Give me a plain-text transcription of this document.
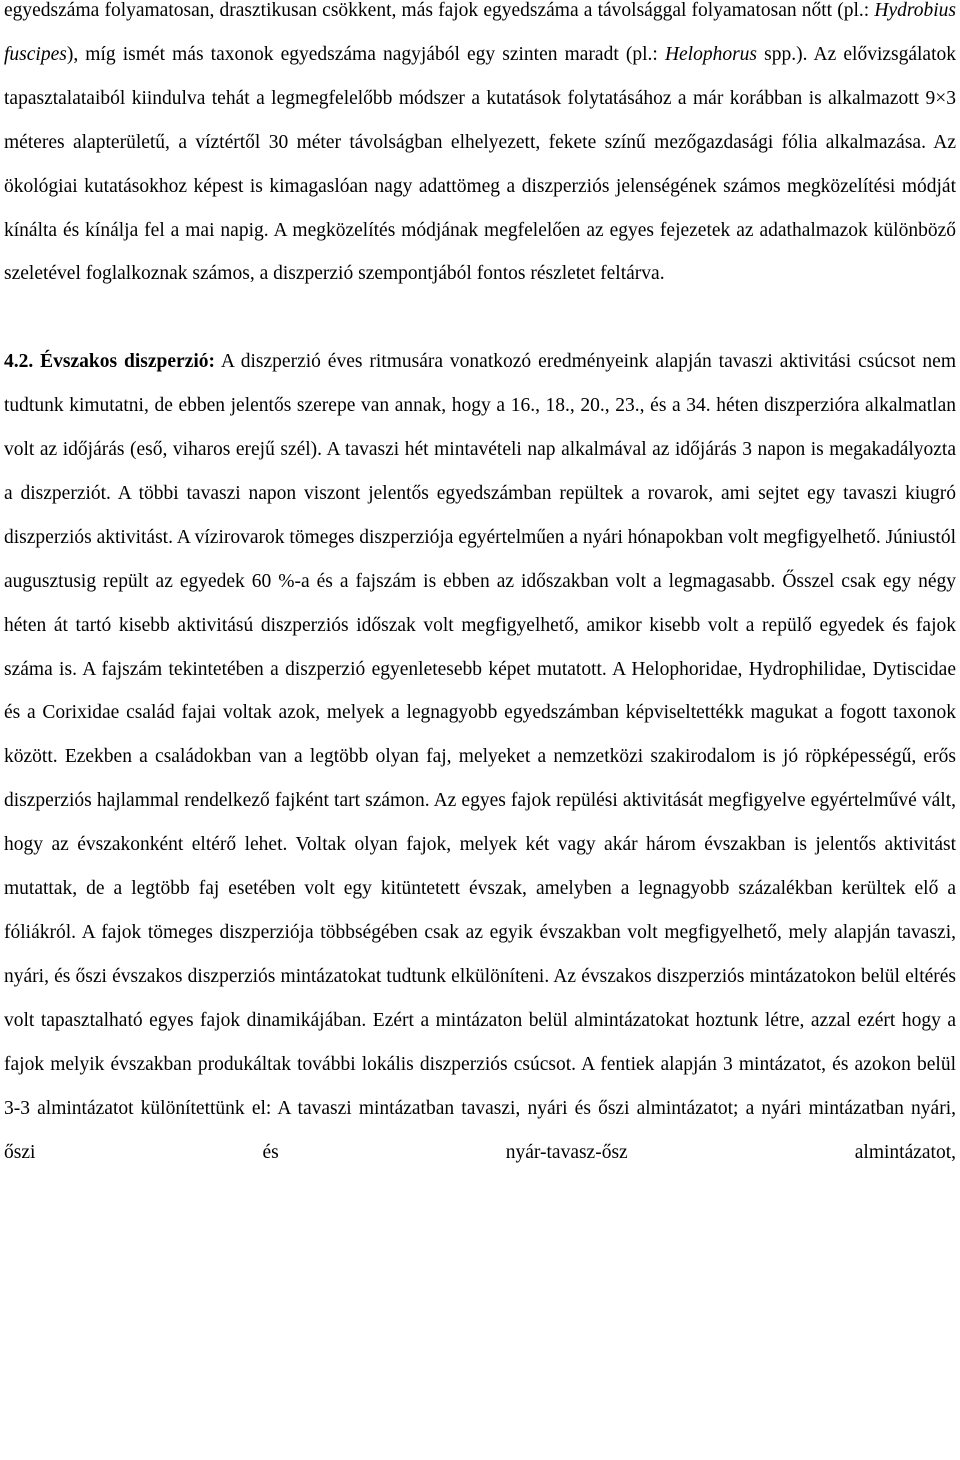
egyedszáma folyamatosan, drasztikusan csökkent, más fajok egyedszáma a távolsággal folyamatosan nőtt (pl.: Hydrobius fuscipes), míg ismét más taxonok egyedszáma nagyjából egy szinten maradt (pl.: Helophorus spp.). Az elővizsgálatok tapasztalataiból kiindulva tehát a legmegfelelőbb módszer a kutatások folytatásához a már korábban is alkalmazott 9×3 méteres alapterületű, a víztértől 30 méter távolságban elhelyezett, fekete színű mezőgazdasági fólia alkalmazása. Az ökológiai kutatásokhoz képest is kimagaslóan nagy adattömeg a diszperziós jelenségének számos megközelítési módját kínálta és kínálja fel a mai napig. A megközelítés módjának megfelelően az egyes fejezetek az adathalmazok különböző szeletével foglalkoznak számos, a diszperzió szempontjából fontos részletet feltárva.

4.2. Évszakos diszperzió: A diszperzió éves ritmusára vonatkozó eredményeink alapján tavaszi aktivitási csúcsot nem tudtunk kimutatni, de ebben jelentős szerepe van annak, hogy a 16., 18., 20., 23., és a 34. héten diszperzióra alkalmatlan volt az időjárás (eső, viharos erejű szél). A tavaszi hét mintavételi nap alkalmával az időjárás 3 napon is megakadályozta a diszperziót. A többi tavaszi napon viszont jelentős egyedszámban repültek a rovarok, ami sejtet egy tavaszi kiugró diszperziós aktivitást. A vízirovarok tömeges diszperziója egyértelműen a nyári hónapokban volt megfigyelhető. Júniustól augusztusig repült az egyedek 60 %-a és a fajszám is ebben az időszakban volt a legmagasabb. Ősszel csak egy négy héten át tartó kisebb aktivitású diszperziós időszak volt megfigyelhető, amikor kisebb volt a repülő egyedek és fajok száma is. A fajszám tekintetében a diszperzió egyenletesebb képet mutatott. A Helophoridae, Hydrophilidae, Dytiscidae és a Corixidae család fajai voltak azok, melyek a legnagyobb egyedszámban képviseltettékk magukat a fogott taxonok között. Ezekben a családokban van a legtöbb olyan faj, melyeket a nemzetközi szakirodalom is jó röpképességű, erős diszperziós hajlammal rendelkező fajként tart számon. Az egyes fajok repülési aktivitását megfigyelve egyértelművé vált, hogy az évszakonként eltérő lehet. Voltak olyan fajok, melyek két vagy akár három évszakban is jelentős aktivitást mutattak, de a legtöbb faj esetében volt egy kitüntetett évszak, amelyben a legnagyobb százalékban kerültek elő a fóliákról. A fajok tömeges diszperziója többségében csak az egyik évszakban volt megfigyelhető, mely alapján tavaszi, nyári, és őszi évszakos diszperziós mintázatokat tudtunk elkülöníteni. Az évszakos diszperziós mintázatokon belül eltérés volt tapasztalható egyes fajok dinamikájában. Ezért a mintázaton belül almintázatokat hoztunk létre, azzal ezért hogy a fajok melyik évszakban produkáltak további lokális diszperziós csúcsot. A fentiek alapján 3 mintázatot, és azokon belül 3-3 almintázatot különítettünk el: A tavaszi mintázatban tavaszi, nyári és őszi almintázatot; a nyári mintázatban nyári, őszi és nyár-tavasz-ősz almintázatot,
